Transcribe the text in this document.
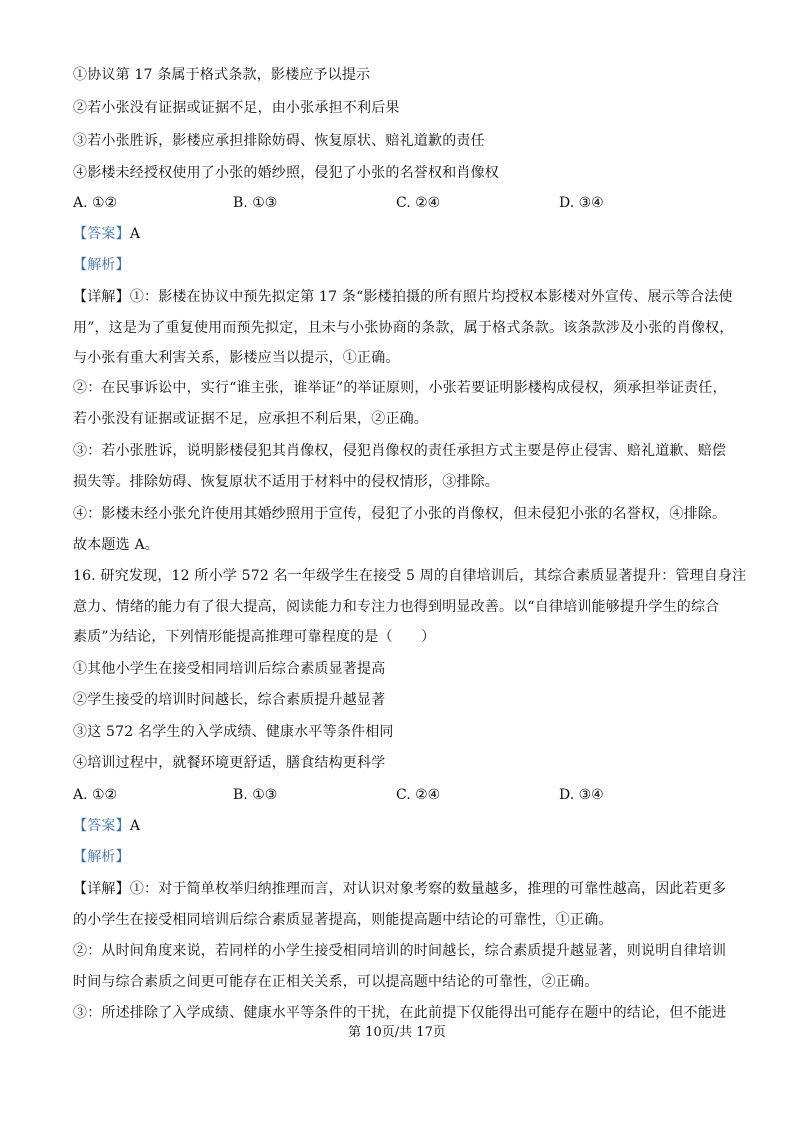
①协议第 17 条属于格式条款，影楼应予以提示
②若小张没有证据或证据不足，由小张承担不利后果
③若小张胜诉，影楼应承担排除妨碍、恢复原状、赔礼道歉的责任
④影楼未经授权使用了小张的婚纱照，侵犯了小张的名誉权和肖像权
A. ①②	B. ①③	C. ②④	D. ③④
【答案】A
【解析】
【详解】①：影楼在协议中预先拟定第 17 条“影楼拍摄的所有照片均授权本影楼对外宣传、展示等合法使
用”，这是为了重复使用而预先拟定，且未与小张协商的条款，属于格式条款。该条款涉及小张的肖像权，
与小张有重大利害关系，影楼应当以提示，①正确。
②：在民事诉讼中，实行“谁主张，谁举证”的举证原则，小张若要证明影楼构成侵权，须承担举证责任，
若小张没有证据或证据不足，应承担不利后果，②正确。
③：若小张胜诉，说明影楼侵犯其肖像权，侵犯肖像权的责任承担方式主要是停止侵害、赔礼道歉、赔偿
损失等。排除妨碍、恢复原状不适用于材料中的侵权情形，③排除。
④：影楼未经小张允许使用其婚纱照用于宣传，侵犯了小张的肖像权，但未侵犯小张的名誉权，④排除。
故本题选 A。
16. 研究发现，12 所小学 572 名一年级学生在接受 5 周的自律培训后，其综合素质显著提升：管理自身注
意力、情绪的能力有了很大提高，阅读能力和专注力也得到明显改善。以“自律培训能够提升学生的综合
素质”为结论，下列情形能提高推理可靠程度的是（　　）
①其他小学生在接受相同培训后综合素质显著提高
②学生接受的培训时间越长，综合素质提升越显著
③这 572 名学生的入学成绩、健康水平等条件相同
④培训过程中，就餐环境更舒适，膳食结构更科学
A. ①②	B. ①③	C. ②④	D. ③④
【答案】A
【解析】
【详解】①：对于简单枚举归纳推理而言，对认识对象考察的数量越多，推理的可靠性越高，因此若更多
的小学生在接受相同培训后综合素质显著提高，则能提高题中结论的可靠性，①正确。
②：从时间角度来说，若同样的小学生接受相同培训的时间越长，综合素质提升越显著，则说明自律培训
时间与综合素质之间更可能存在正相关关系，可以提高题中结论的可靠性，②正确。
③：所述排除了入学成绩、健康水平等条件的干扰，在此前提下仅能得出可能存在题中的结论，但不能进
第 10页/共 17页
